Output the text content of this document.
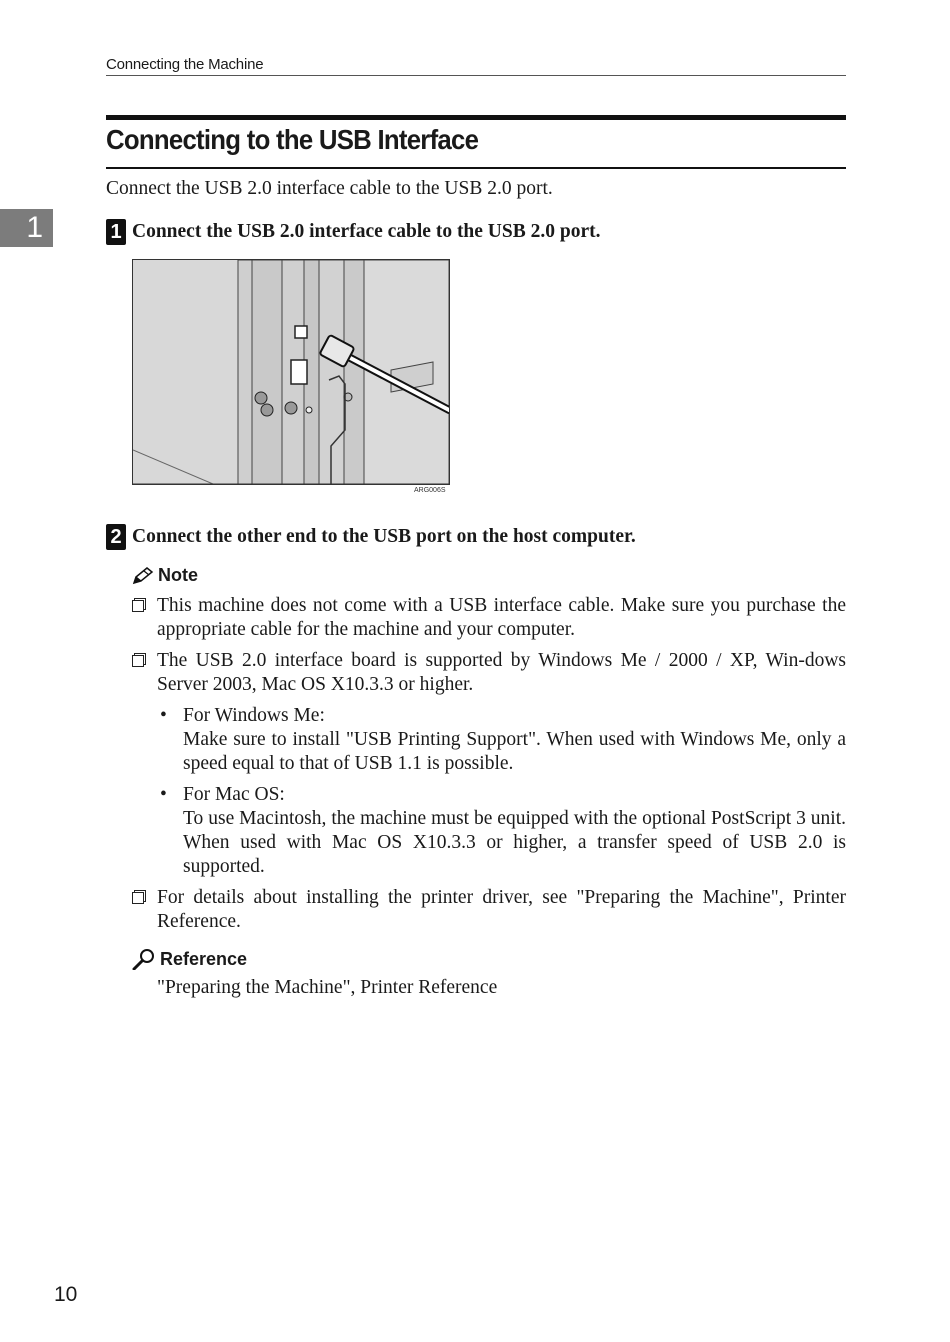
Connecting the Machine
Connecting to the USB Interface
1
Connect the USB 2.0 interface cable to the USB 2.0 port.
1 Connect the USB 2.0 interface cable to the USB 2.0 port.
ARG006S
2 Connect the other end to the USB port on the host computer.
Note
This machine does not come with a USB interface cable. Make sure you purchase the appropriate cable for the machine and your computer.
The USB 2.0 interface board is supported by Windows Me / 2000 / XP, Win-dows Server 2003, Mac OS X10.3.3 or higher.
• For Windows Me:
Make sure to install "USB Printing Support". When used with Windows Me, only a speed equal to that of USB 1.1 is possible.
• For Mac OS:
To use Macintosh, the machine must be equipped with the optional PostScript 3 unit. When used with Mac OS X10.3.3 or higher, a transfer speed of USB 2.0 is supported.
For details about installing the printer driver, see "Preparing the Machine", Printer Reference.
Reference
"Preparing the Machine", Printer Reference
10
